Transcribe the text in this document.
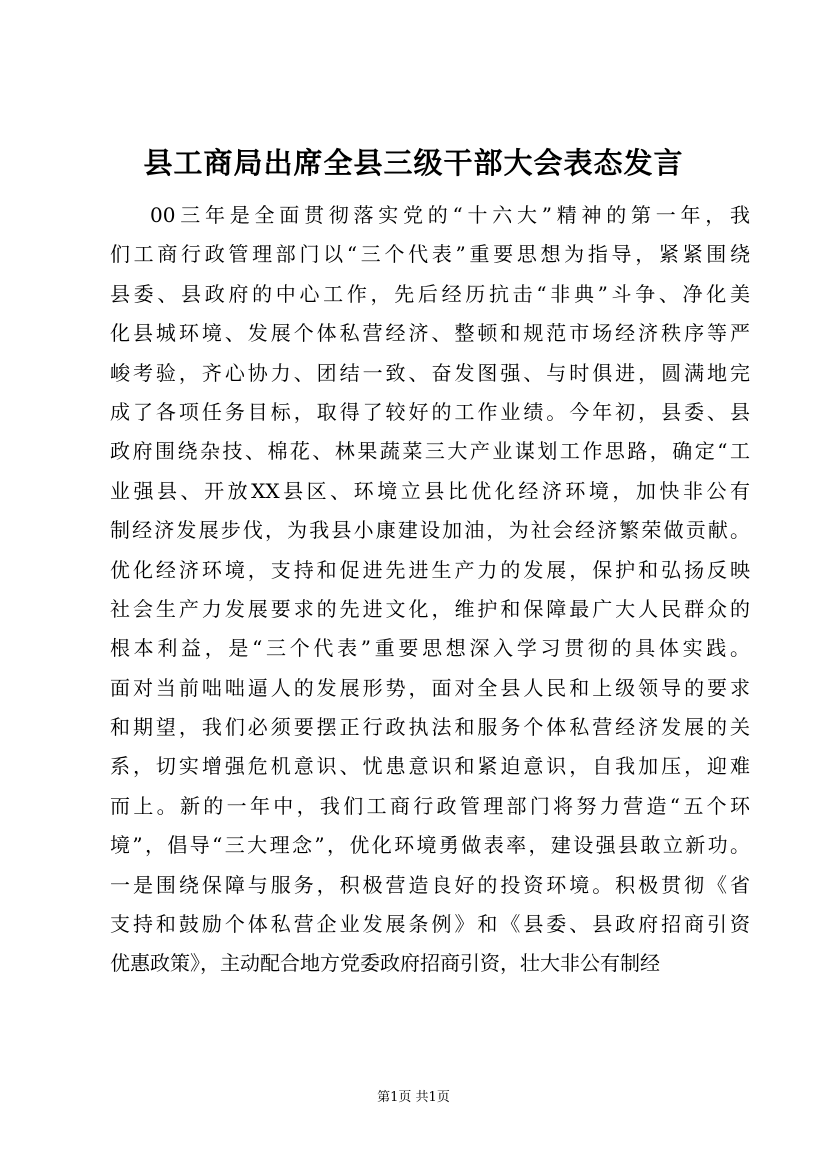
县工商局出席全县三级干部大会表态发言
00三年是全面贯彻落实党的“十六大”精神的第一年，我
们工商行政管理部门以“三个代表”重要思想为指导，紧紧围绕
县委、县政府的中心工作，先后经历抗击“非典”斗争、净化美
化县城环境、发展个体私营经济、整顿和规范市场经济秩序等严
峻考验，齐心协力、团结一致、奋发图强、与时俱进，圆满地完
成了各项任务目标，取得了较好的工作业绩。今年初，县委、县
政府围绕杂技、棉花、林果蔬菜三大产业谋划工作思路，确定“工
业强县、开放XX县区、环境立县比优化经济环境，加快非公有
制经济发展步伐，为我县小康建设加油，为社会经济繁荣做贡献。
优化经济环境，支持和促进先进生产力的发展，保护和弘扬反映
社会生产力发展要求的先进文化，维护和保障最广大人民群众的
根本利益，是“三个代表”重要思想深入学习贯彻的具体实践。
面对当前咄咄逼人的发展形势，面对全县人民和上级领导的要求
和期望，我们必须要摆正行政执法和服务个体私营经济发展的关
系，切实增强危机意识、忧患意识和紧迫意识，自我加压，迎难
而上。新的一年中，我们工商行政管理部门将努力营造“五个环
境”，倡导“三大理念”，优化环境勇做表率，建设强县敢立新功。
一是围绕保障与服务，积极营造良好的投资环境。积极贯彻《省
支持和鼓励个体私营企业发展条例》和《县委、县政府招商引资
优惠政策》，主动配合地方党委政府招商引资，壮大非公有制经
第1页 共1页
